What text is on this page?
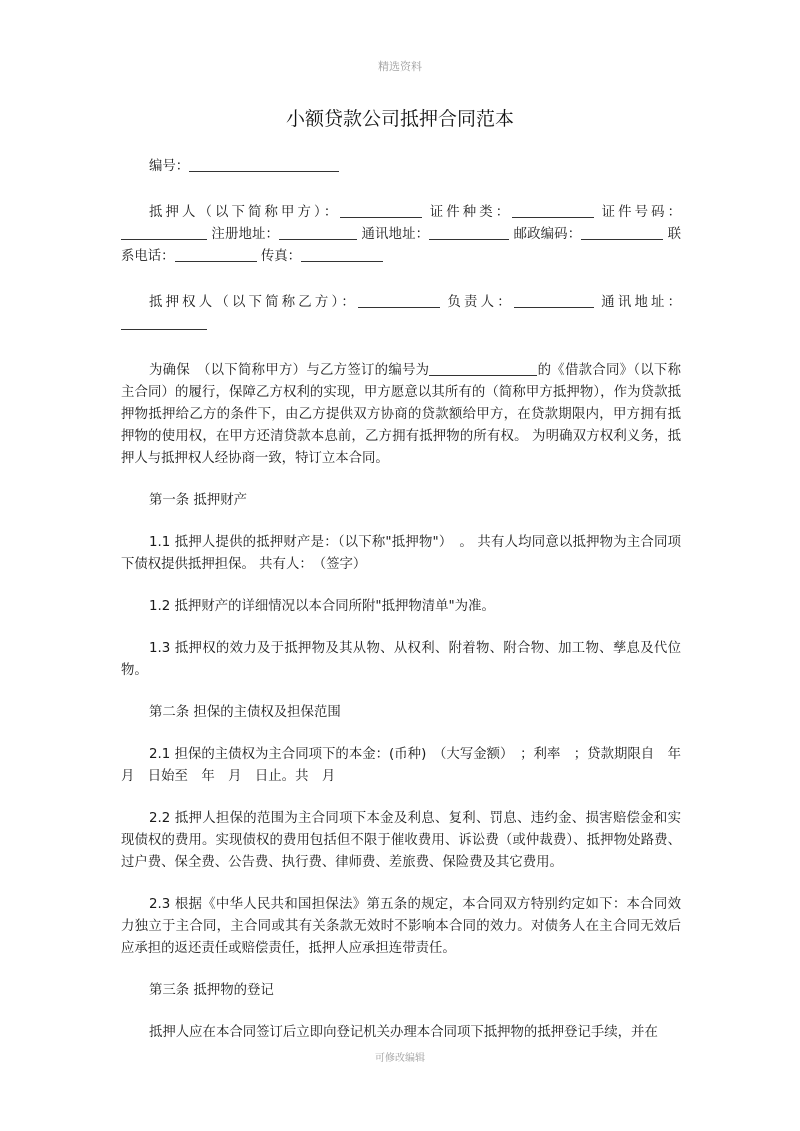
精选资料
小额贷款公司抵押合同范本

编号：

抵押人（以下简称甲方）：	证件种类：	证件号码： 注册地址：	通讯地址：	邮政编码：	联系电话：	传真：

抵押权人（以下简称乙方）：	负责人：	通讯地址：

为确保　（以下简称甲方）与乙方签订的编号为	的《借款合同》（以下称主合同）的履行，保障乙方权利的实现，甲方愿意以其所有的（简称甲方抵押物），作为贷款抵押物抵押给乙方的条件下，由乙方提供双方协商的贷款额给甲方，在贷款期限内，甲方拥有抵押物的使用权，在甲方还清贷款本息前，乙方拥有抵押物的所有权。 为明确双方权利义务，抵押人与抵押权人经协商一致，特订立本合同。

第一条 抵押财产

1.1 抵押人提供的抵押财产是：（以下称"抵押物"）　。 共有人均同意以抵押物为主合同项下债权提供抵押担保。 共有人：　（签字）

1.2 抵押财产的详细情况以本合同所附"抵押物清单"为准。

1.3 抵押权的效力及于抵押物及其从物、从权利、附着物、附合物、加工物、孳息及代位物。

第二条 担保的主债权及担保范围

2.1 担保的主债权为主合同项下的本金：(币种)　（大写金额）　；利率　；贷款期限自　年　月　日始至　年　月　日止。共　月

2.2 抵押人担保的范围为主合同项下本金及利息、复利、罚息、违约金、损害赔偿金和实现债权的费用。实现债权的费用包括但不限于催收费用、诉讼费（或仲裁费）、抵押物处路费、过户费、保全费、公告费、执行费、律师费、差旅费、保险费及其它费用。

2.3 根据《中华人民共和国担保法》第五条的规定，本合同双方特别约定如下：本合同效力独立于主合同，主合同或其有关条款无效时不影响本合同的效力。对债务人在主合同无效后应承担的返还责任或赔偿责任，抵押人应承担连带责任。

第三条 抵押物的登记

抵押人应在本合同签订后立即向登记机关办理本合同项下抵押物的抵押登记手续，并在

可修改编辑
